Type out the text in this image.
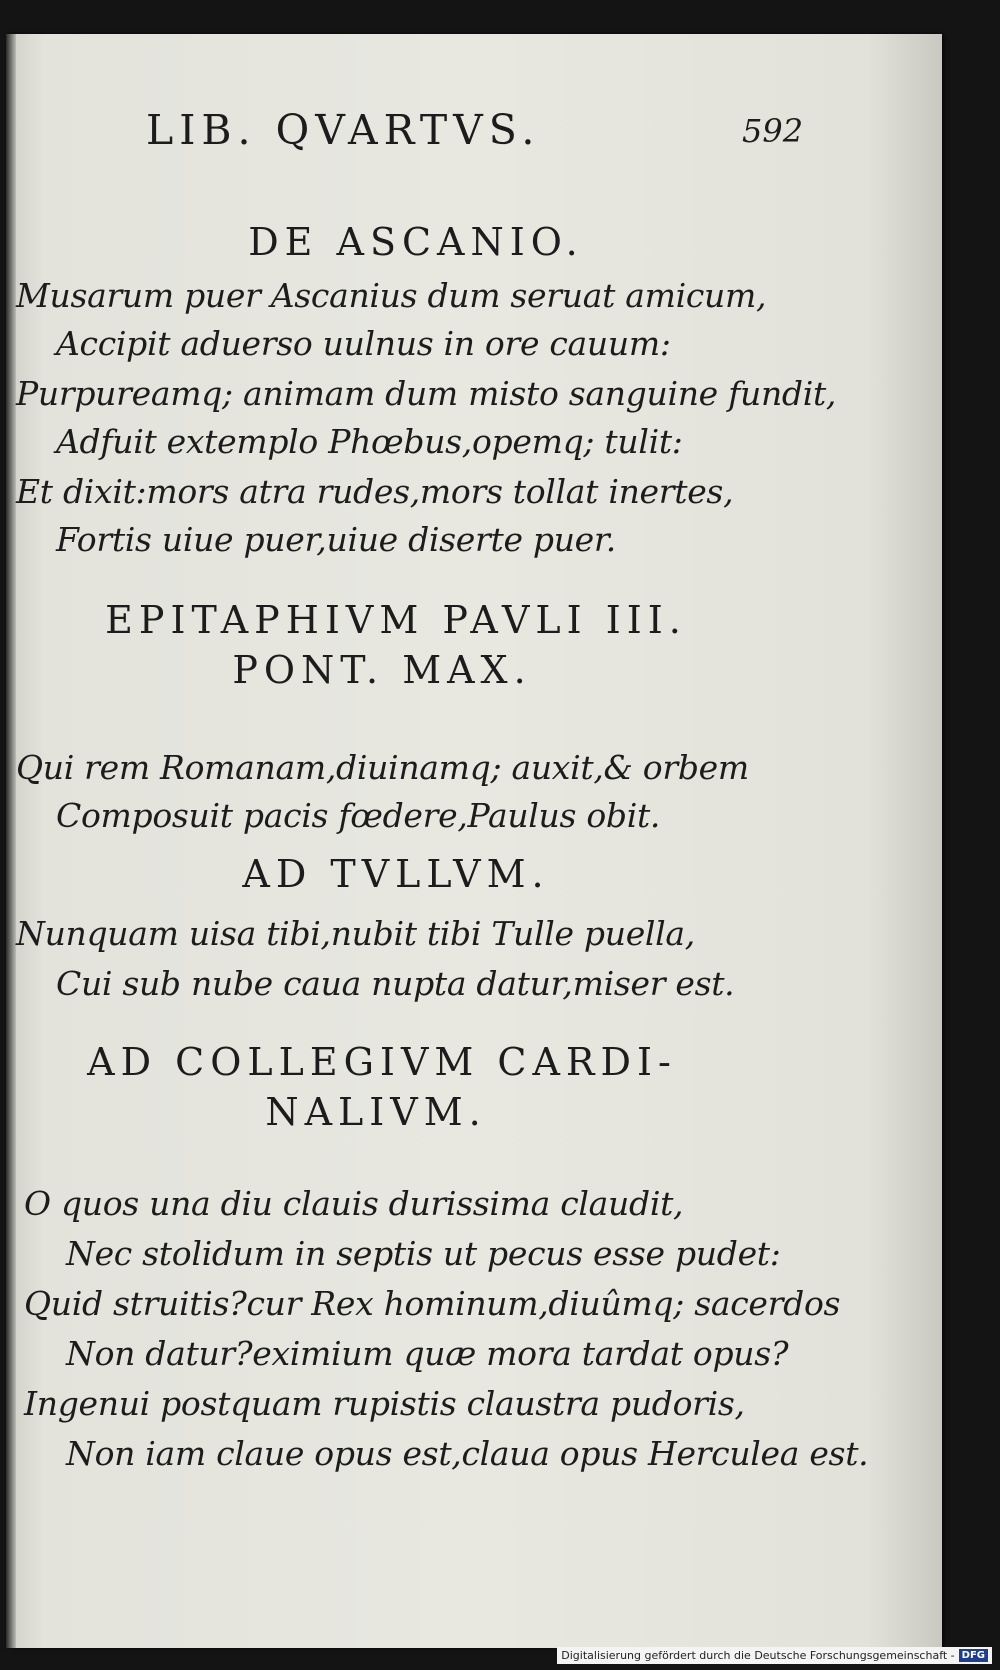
LIB. QVARTVS.	592
DE ASCANIO.
Musarum puer Ascanius dum seruat amicum,
Accipit aduerso uulnus in ore cauum:
Purpureamq; animam dum misto sanguine fundit,
Adfuit extemplo Phœbus,opemq; tulit:
Et dixit:mors atra rudes,mors tollat inertes,
Fortis uiue puer,uiue diserte puer.
EPITAPHIVM PAVLI III.
PONT. MAX.
Qui rem Romanam,diuinamq; auxit,& orbem
Composuit pacis fœdere,Paulus obit.
AD TVLLVM.
Nunquam uisa tibi,nubit tibi Tulle puella,
Cui sub nube caua nupta datur,miser est.
AD COLLEGIVM CARDI-
NALIVM.
O quos una diu clauis durissima claudit,
Nec stolidum in septis ut pecus esse pudet:
Quid struitis?cur Rex hominum,diuûmq; sacerdos
Non datur?eximium quæ mora tardat opus?
Ingenui postquam rupistis claustra pudoris,
Non iam claue opus est,claua opus Herculea est.
Digitalisierung gefördert durch die Deutsche Forschungsgemeinschaft - DFG
